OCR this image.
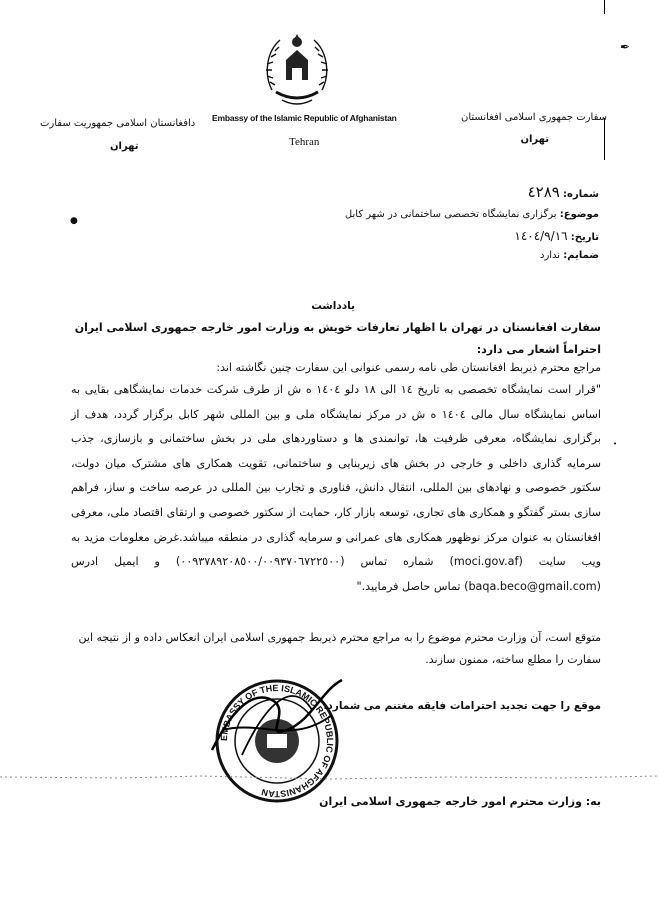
✒
●
•
سفارت جمهوری اسلامی افغانستان
تهران
Embassy of the Islamic Republic of Afghanistan
Tehran
دافغانستان اسلامی جمهوریت سفارت
تهران
شماره: ٤٢٨٩
موضوع: برگزاری نمایشگاه تخصصی ساختمانی در شهر کابل
تاریخ: ١٤٠٤/٩/١٦
ضمایم: ندارد
یادداشت
سفارت افغانستان در تهران با اظهار تعارفات خویش به وزارت امور خارجه جمهوری اسلامی ایران احتراماً اشعار می دارد:
مراجع محترم ذیربط افغانستان طی نامه رسمی عنوانی این سفارت چنین نگاشته اند:
"قرار است نمایشگاه تخصصی به تاریخ ١٤ الی ١٨ دلو ١٤٠٤ ه ش از طرف شرکت خدمات نمایشگاهی بقایی به اساس نمایشگاه سال مالی ١٤٠٤ ه ش در مرکز نمایشگاه ملی و بین المللی شهر کابل برگزار گردد، هدف از برگزاری نمایشگاه، معرفی ظرفیت ها، توانمندی ها و دستاوردهای ملی در بخش ساختمانی و بازسازی، جذب سرمایه گذاری داخلی و خارجی در بخش های زیربنایی و ساختمانی، تقویت همکاری های مشترک میان دولت، سکتور خصوصی و نهادهای بین المللی، انتقال دانش، فناوری و تجارب بین المللی در عرصه ساخت و ساز، فراهم سازی بستر گفتگو و همکاری های تجاری، توسعه بازار کار، حمایت از سکتور خصوصی و ارتقای اقتصاد ملی، معرفی افغانستان به عنوان مرکز نوظهور همکاری های عمرانی و سرمایه گذاری در منطقه میباشد.غرض معلومات مزید به ویب سایت (moci.gov.af) شماره تماس (٠٠٩٣٧٨٩٢٠٨٥٠٠/٠٠٩٣٧٠٦٧٢٢٥٠٠) و ایمیل ادرس (baqa.beco@gmail.com) تماس حاصل فرمایید."
متوقع است، آن وزارت محترم موضوع را به مراجع محترم ذیربط جمهوری اسلامی ایران انعکاس داده و از نتیجه این سفارت را مطلع ساخته، ممنون سازند.
EMBASSY OF THE ISLAMIC REPUBLIC OF AFGHANISTAN
موقع را جهت تجدید احترامات فایقه مغتنم می شمارد.
به: وزارت محترم امور خارجه جمهوری اسلامی ایران
